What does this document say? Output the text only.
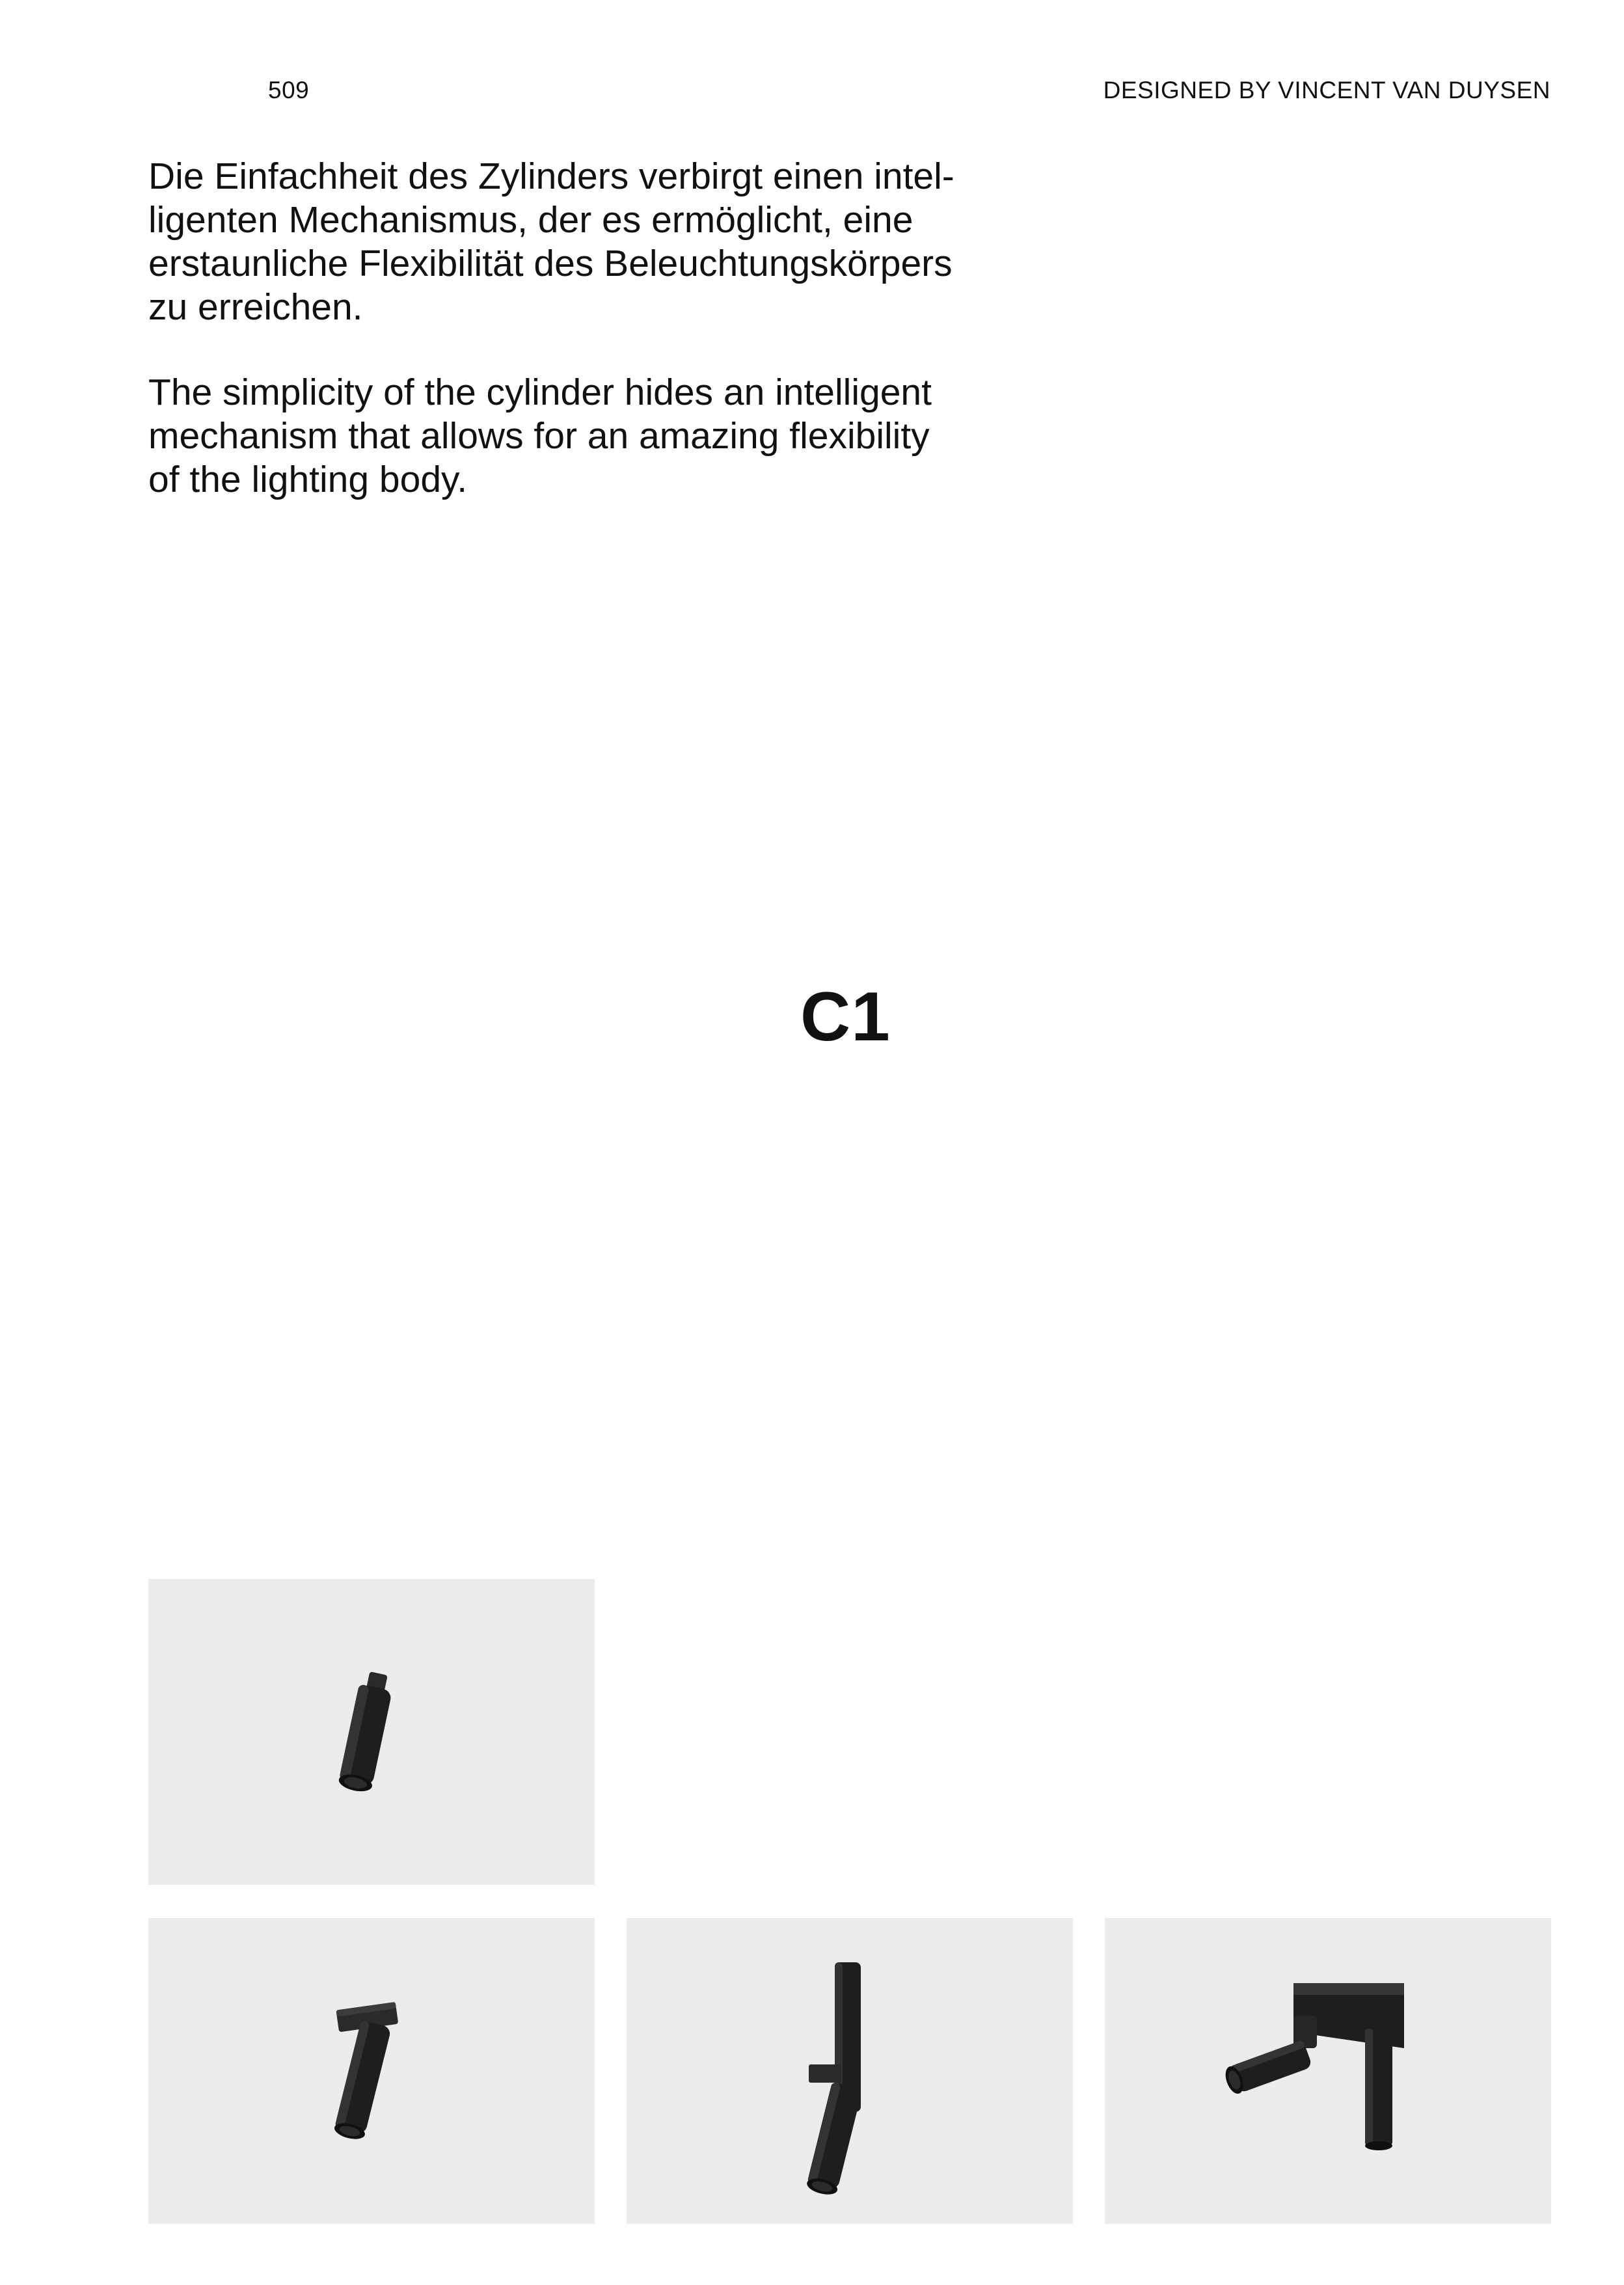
509	DESIGNED BY VINCENT VAN DUYSEN
Die Einfachheit des Zylinders verbirgt einen intel-
ligenten Mechanismus, der es ermöglicht, eine
erstaunliche Flexibilität des Beleuchtungskörpers
zu erreichen.
The simplicity of the cylinder hides an intelligent
mechanism that allows for an amazing flexibility
of the lighting body.
C1
